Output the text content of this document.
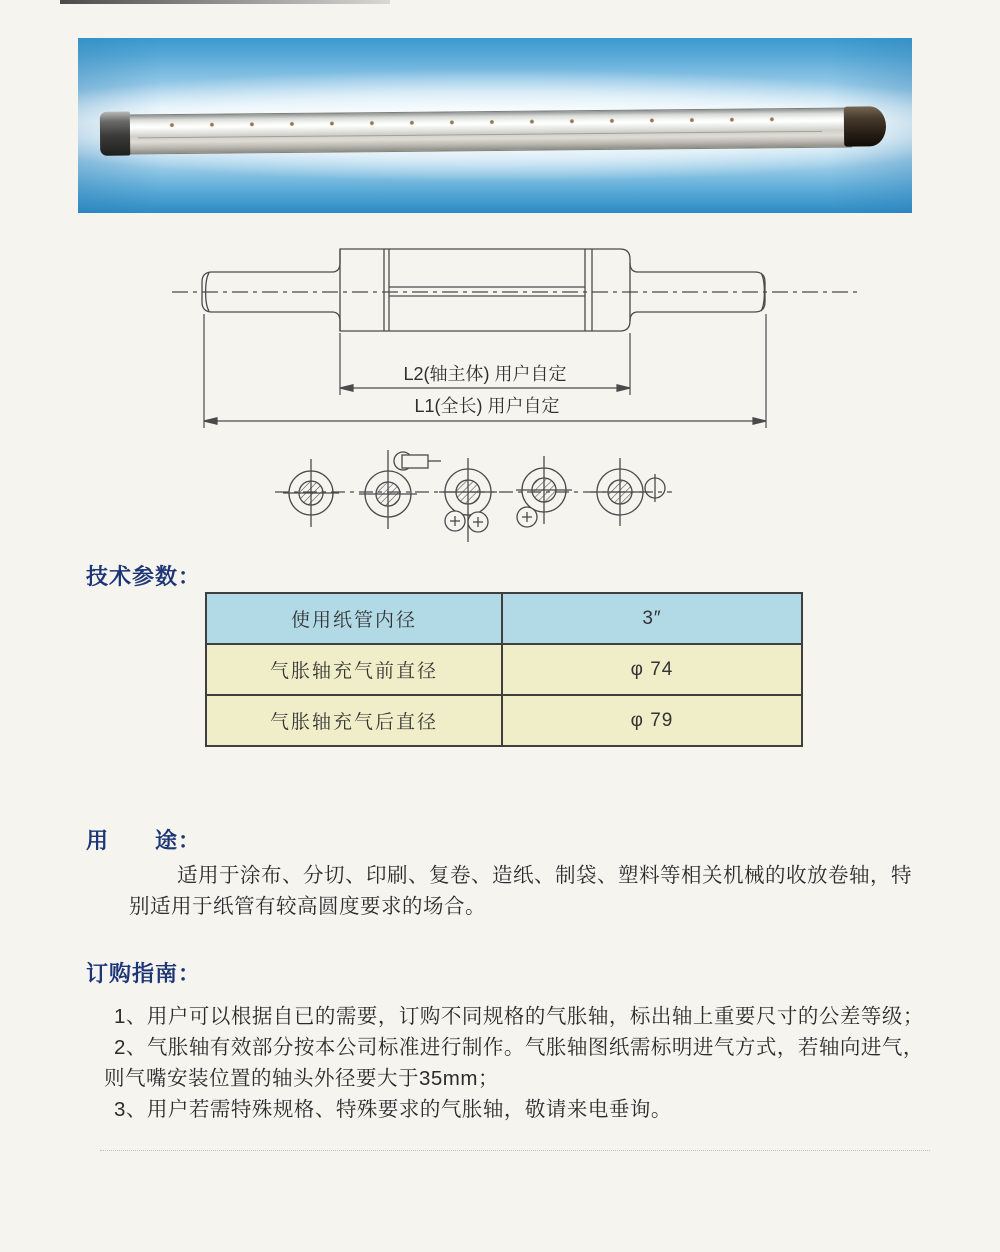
L2(轴主体) 用户自定
L1(全长) 用户自定
技术参数：
使用纸管内径	3″
气胀轴充气前直径	φ 74
气胀轴充气后直径	φ 79
用　　途：

适用于涂布、分切、印刷、复卷、造纸、制袋、塑料等相关机械的收放卷轴，特别适用于纸管有较高圆度要求的场合。

订购指南：

1、用户可以根据自已的需要，订购不同规格的气胀轴，标出轴上重要尺寸的公差等级；

2、气胀轴有效部分按本公司标准进行制作。气胀轴图纸需标明进气方式，若轴向进气，则气嘴安装位置的轴头外径要大于35mm；

3、用户若需特殊规格、特殊要求的气胀轴，敬请来电垂询。
